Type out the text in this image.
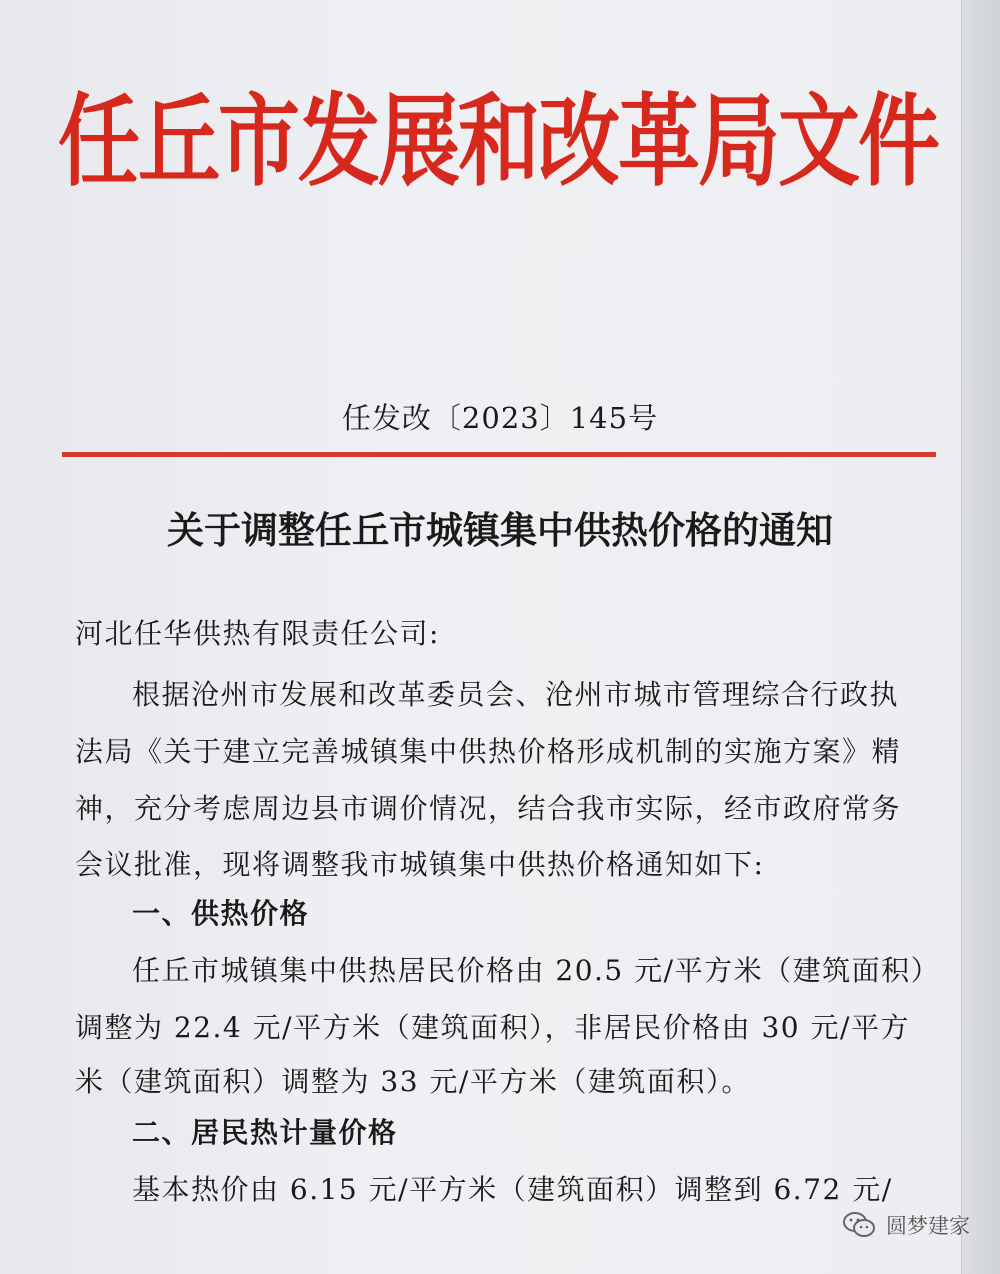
任丘市发展和改革局文件
任发改〔2023〕145号
关于调整任丘市城镇集中供热价格的通知
河北任华供热有限责任公司:
根据沧州市发展和改革委员会、沧州市城市管理综合行政执
法局《关于建立完善城镇集中供热价格形成机制的实施方案》精
神，充分考虑周边县市调价情况，结合我市实际，经市政府常务
会议批准，现将调整我市城镇集中供热价格通知如下:
一、供热价格
任丘市城镇集中供热居民价格由 20.5 元/平方米（建筑面积）
调整为 22.4 元/平方米（建筑面积），非居民价格由 30 元/平方
米（建筑面积）调整为 33 元/平方米（建筑面积）。
二、居民热计量价格
基本热价由 6.15 元/平方米（建筑面积）调整到 6.72 元/
圆梦建家
